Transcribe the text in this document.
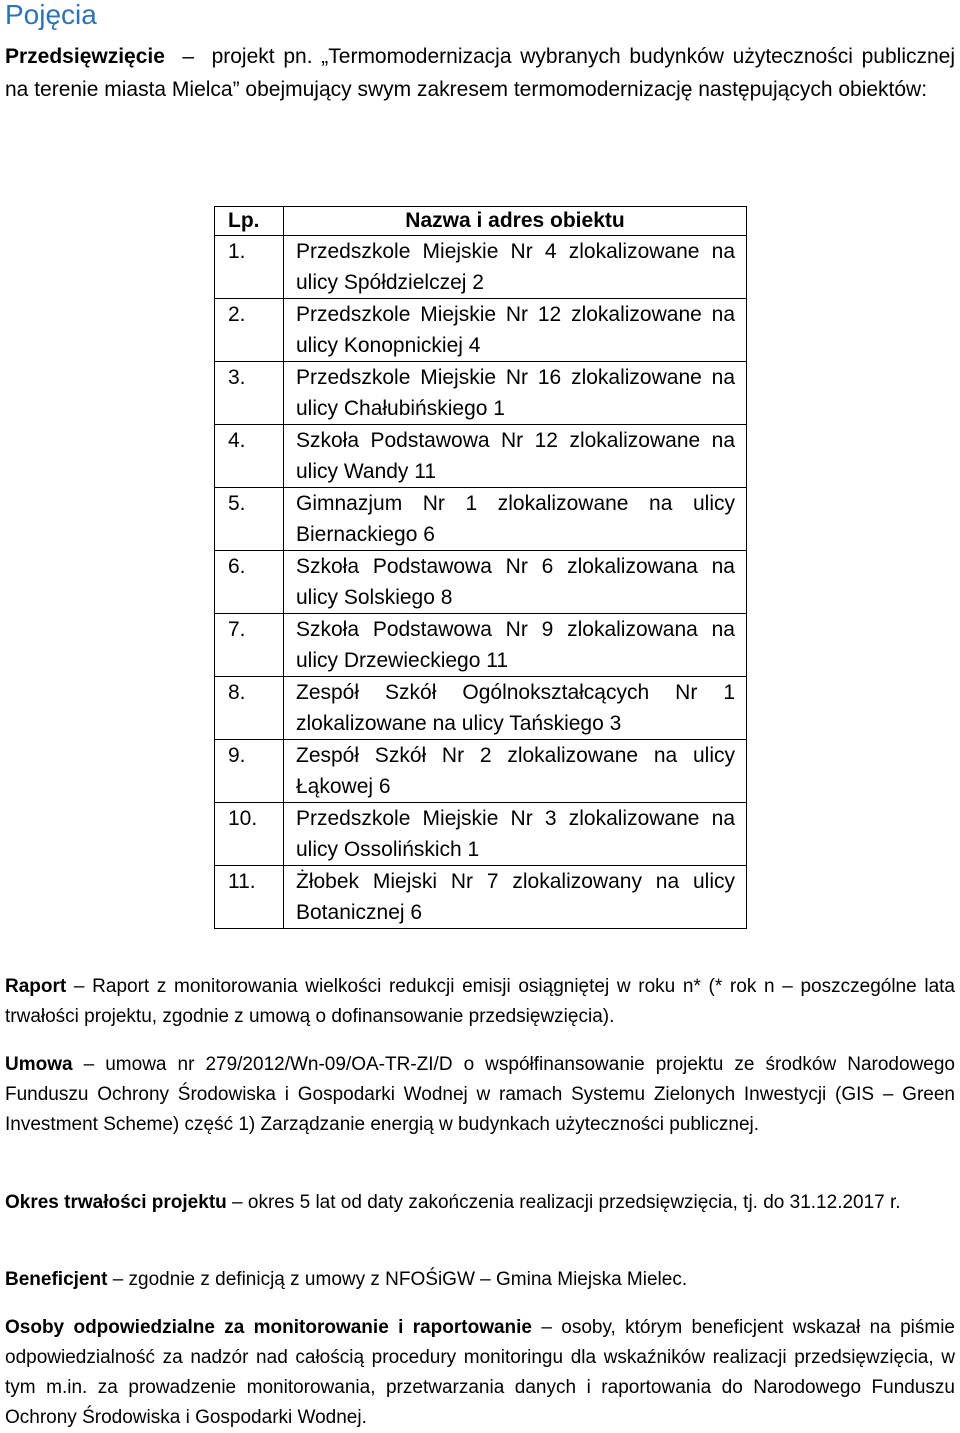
Pojęcia

Przedsięwzięcie – projekt pn. „Termomodernizacja wybranych budynków użyteczności publicznej na terenie miasta Mielca” obejmujący swym zakresem termomodernizację następujących obiektów:

Lp.	Nazwa i adres obiektu
1.	Przedszkole Miejskie Nr 4 zlokalizowane na ulicy Spółdzielczej 2
2.	Przedszkole Miejskie Nr 12 zlokalizowane na ulicy Konopnickiej 4
3.	Przedszkole Miejskie Nr 16 zlokalizowane na ulicy Chałubińskiego 1
4.	Szkoła Podstawowa Nr 12 zlokalizowane na ulicy Wandy 11
5.	Gimnazjum Nr 1 zlokalizowane na ulicy Biernackiego 6
6.	Szkoła Podstawowa Nr 6 zlokalizowana na ulicy Solskiego 8
7.	Szkoła Podstawowa Nr 9 zlokalizowana na ulicy Drzewieckiego 11
8.	Zespół Szkół Ogólnokształcących Nr 1 zlokalizowane na ulicy Tańskiego 3
9.	Zespół Szkół Nr 2 zlokalizowane na ulicy Łąkowej 6
10.	Przedszkole Miejskie Nr 3 zlokalizowane na ulicy Ossolińskich 1
11.	Żłobek Miejski Nr 7 zlokalizowany na ulicy Botanicznej 6

Raport – Raport z monitorowania wielkości redukcji emisji osiągniętej w roku n* (* rok n – poszczególne lata trwałości projektu, zgodnie z umową o dofinansowanie przedsięwzięcia).

Umowa – umowa nr 279/2012/Wn-09/OA-TR-ZI/D o współfinansowanie projektu ze środków Narodowego Funduszu Ochrony Środowiska i Gospodarki Wodnej w ramach Systemu Zielonych Inwestycji (GIS – Green Investment Scheme) część 1) Zarządzanie energią w budynkach użyteczności publicznej.

Okres trwałości projektu – okres 5 lat od daty zakończenia realizacji przedsięwzięcia, tj. do 31.12.2017 r.

Beneficjent – zgodnie z definicją z umowy z NFOŚiGW – Gmina Miejska Mielec.

Osoby odpowiedzialne za monitorowanie i raportowanie – osoby, którym beneficjent wskazał na piśmie odpowiedzialność za nadzór nad całością procedury monitoringu dla wskaźników realizacji przedsięwzięcia, w tym m.in. za prowadzenie monitorowania, przetwarzania danych i raportowania do Narodowego Funduszu Ochrony Środowiska i Gospodarki Wodnej.
